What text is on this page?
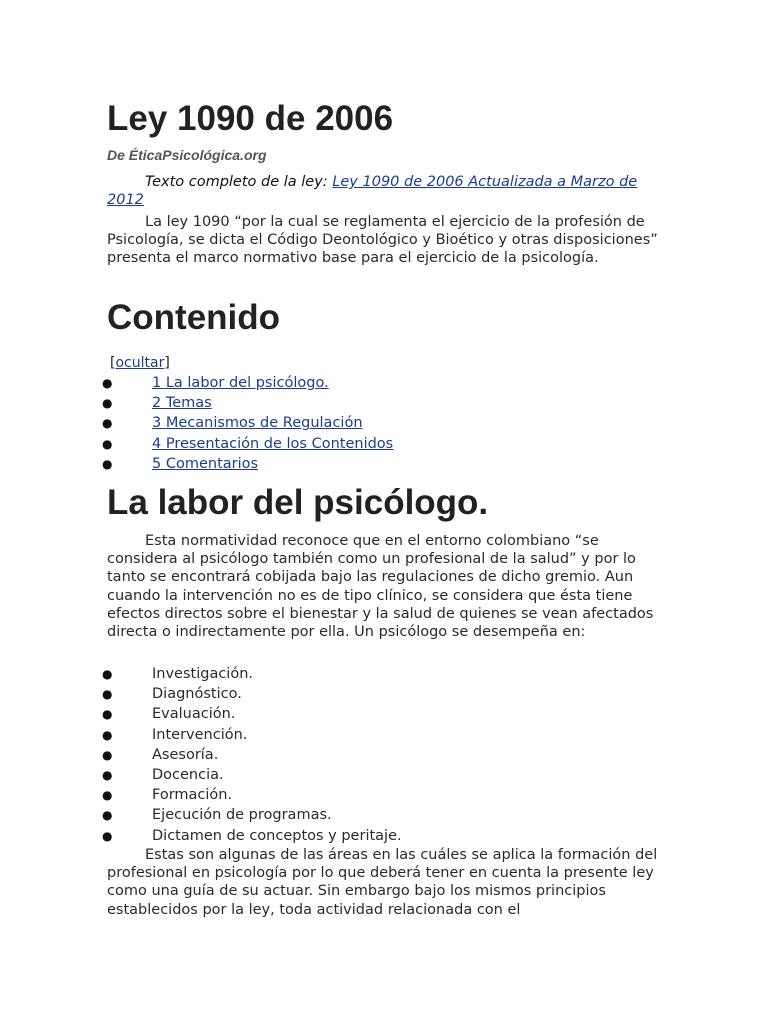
Ley 1090 de 2006
De ÉticaPsicológica.org

Texto completo de la ley: Ley 1090 de 2006 Actualizada a Marzo de 2012

La ley 1090 “por la cual se reglamenta el ejercicio de la profesión de Psicología, se dicta el Código Deontológico y Bioético y otras disposiciones” presenta el marco normativo base para el ejercicio de la psicología.

Contenido
[ocultar]
●	1 La labor del psicólogo.
●	2 Temas
●	3 Mecanismos de Regulación
●	4 Presentación de los Contenidos
●	5 Comentarios
La labor del psicólogo.

Esta normatividad reconoce que en el entorno colombiano “se considera al psicólogo también como un profesional de la salud” y por lo tanto se encontrará cobijada bajo las regulaciones de dicho gremio. Aun cuando la intervención no es de tipo clínico, se considera que ésta tiene efectos directos sobre el bienestar y la salud de quienes se vean afectados directa o indirectamente por ella. Un psicólogo se desempeña en:

●	Investigación.
●	Diagnóstico.
●	Evaluación.
●	Intervención.
●	Asesoría.
●	Docencia.
●	Formación.
●	Ejecución de programas.
●	Dictamen de conceptos y peritaje.

Estas son algunas de las áreas en las cuáles se aplica la formación del profesional en psicología por lo que deberá tener en cuenta la presente ley como una guía de su actuar. Sin embargo bajo los mismos principios establecidos por la ley, toda actividad relacionada con el
